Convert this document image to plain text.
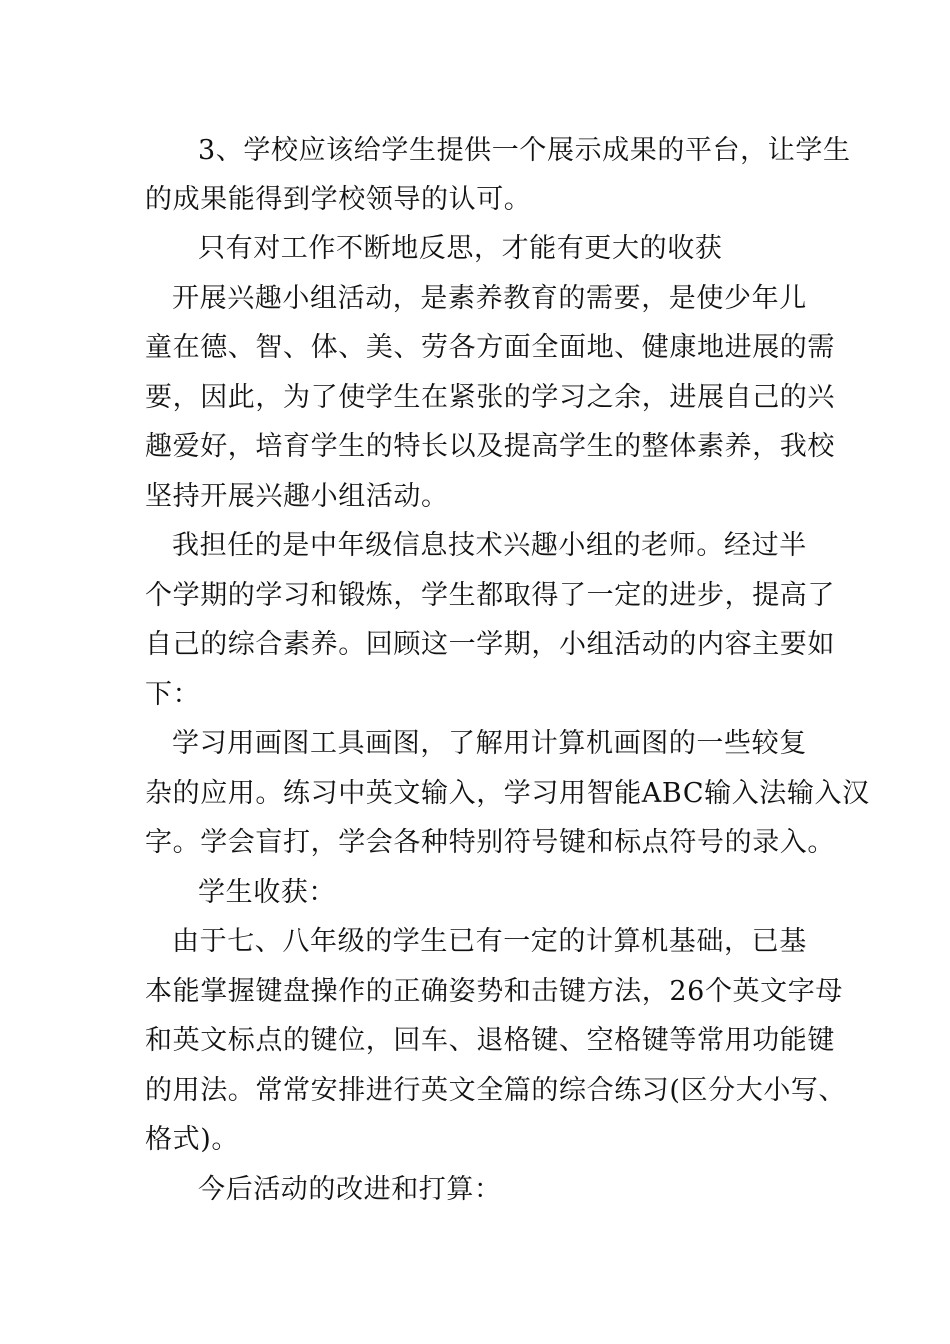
3、学校应该给学生提供一个展示成果的平台，让学生
的成果能得到学校领导的认可。
只有对工作不断地反思，才能有更大的收获
开展兴趣小组活动，是素养教育的需要，是使少年儿
童在德、智、体、美、劳各方面全面地、健康地进展的需
要，因此，为了使学生在紧张的学习之余，进展自己的兴
趣爱好，培育学生的特长以及提高学生的整体素养，我校
坚持开展兴趣小组活动。
我担任的是中年级信息技术兴趣小组的老师。经过半
个学期的学习和锻炼，学生都取得了一定的进步，提高了
自己的综合素养。回顾这一学期，小组活动的内容主要如
下：
学习用画图工具画图，了解用计算机画图的一些较复
杂的应用。练习中英文输入，学习用智能ABC输入法输入汉
字。学会盲打，学会各种特别符号键和标点符号的录入。
学生收获：
由于七、八年级的学生已有一定的计算机基础，已基
本能掌握键盘操作的正确姿势和击键方法，26个英文字母
和英文标点的键位，回车、退格键、空格键等常用功能键
的用法。常常安排进行英文全篇的综合练习(区分大小写、
格式)。
今后活动的改进和打算：
